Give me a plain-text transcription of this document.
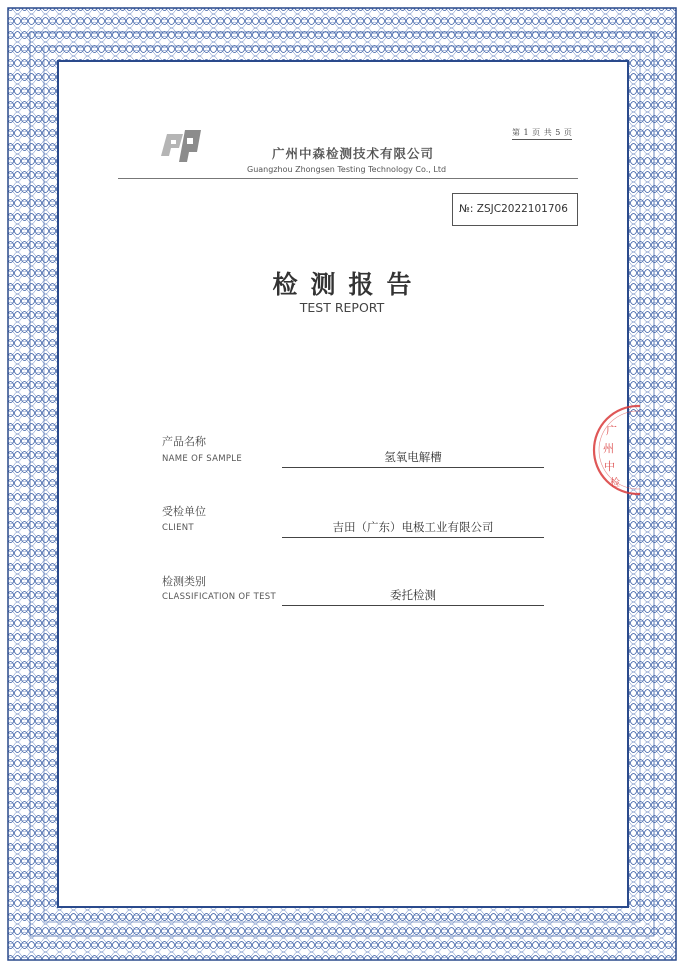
第 1 页 共 5 页
广州中森检测技术有限公司
Guangzhou Zhongsen Testing Technology Co., Ltd
№: ZSJC2022101706
检测报告
TEST REPORT
产品名称
NAME OF SAMPLE	氢氧电解槽
受检单位
CLIENT	吉田（广东）电极工业有限公司
检测类别
CLASSIFICATION OF TEST	委托检测
广
州
中
检
